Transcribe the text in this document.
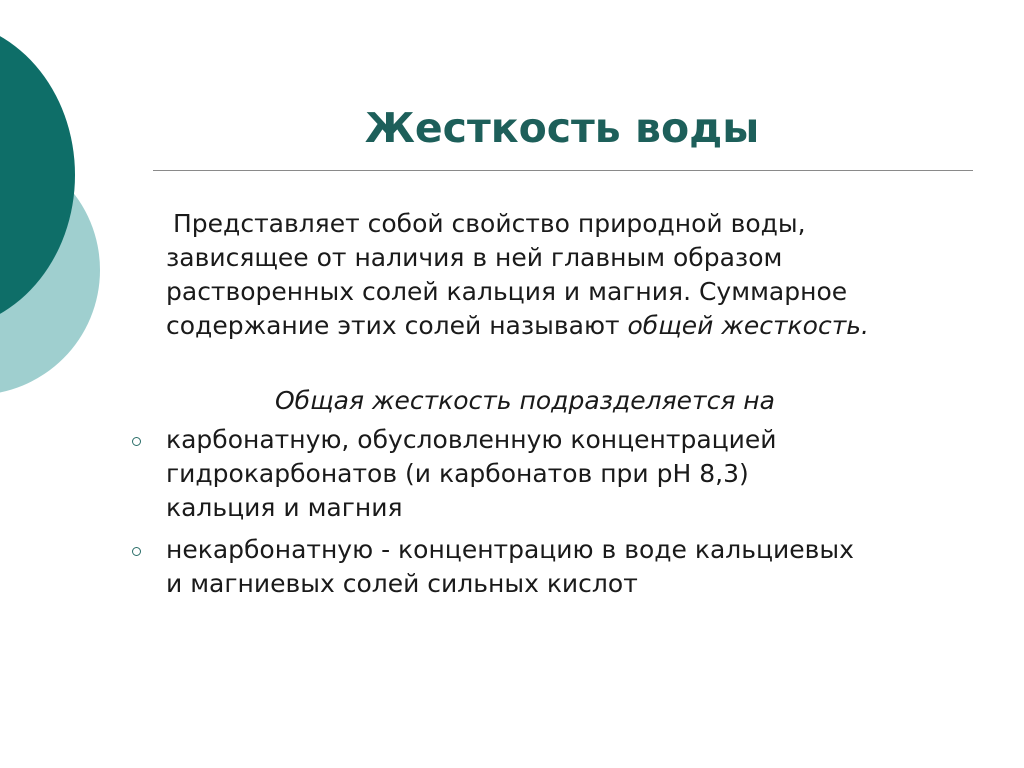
Жесткость воды

Представляет собой свойство природной воды,
зависящее от наличия в ней главным образом
растворенных солей кальция и магния. Суммарное
содержание этих солей называют общей жесткость.

Общая жесткость подразделяется на

карбонатную, обусловленную концентрацией
гидрокарбонатов (и карбонатов при рН 8,3)
кальция и магния
некарбонатную - концентрацию в воде кальциевых
и магниевых солей сильных кислот
